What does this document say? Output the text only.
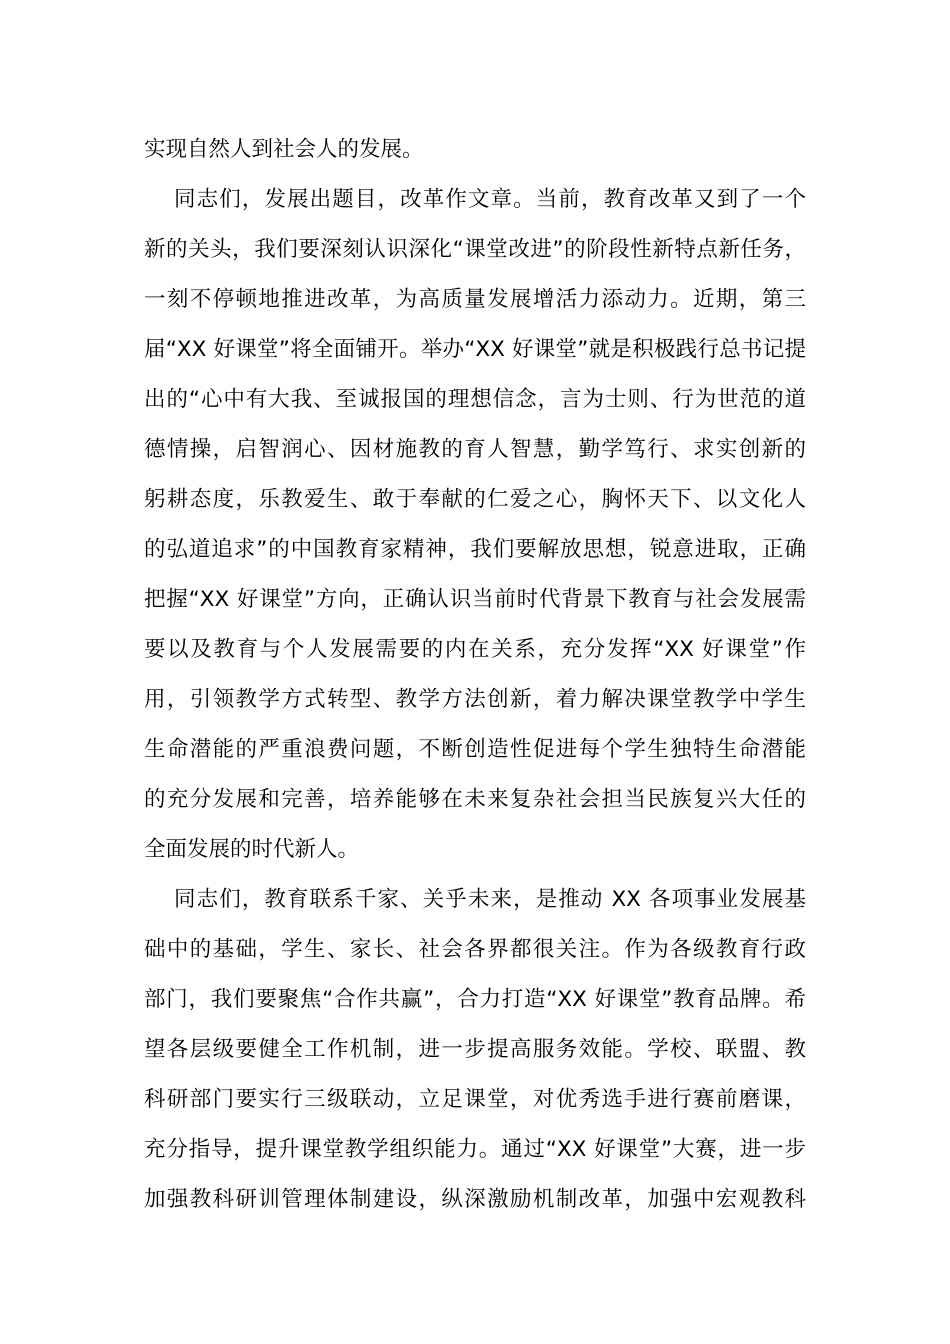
实现自然人到社会人的发展。
同志们，发展出题目，改革作文章。当前，教育改革又到了一个
新的关头，我们要深刻认识深化“课堂改进”的阶段性新特点新任务，
一刻不停顿地推进改革，为高质量发展增活力添动力。近期，第三
届“XX 好课堂”将全面铺开。举办“XX 好课堂”就是积极践行总书记提
出的“心中有大我、至诚报国的理想信念，言为士则、行为世范的道
德情操，启智润心、因材施教的育人智慧，勤学笃行、求实创新的
躬耕态度，乐教爱生、敢于奉献的仁爱之心，胸怀天下、以文化人
的弘道追求”的中国教育家精神，我们要解放思想，锐意进取，正确
把握“XX 好课堂”方向，正确认识当前时代背景下教育与社会发展需
要以及教育与个人发展需要的内在关系，充分发挥“XX 好课堂”作
用，引领教学方式转型、教学方法创新，着力解决课堂教学中学生
生命潜能的严重浪费问题，不断创造性促进每个学生独特生命潜能
的充分发展和完善，培养能够在未来复杂社会担当民族复兴大任的
全面发展的时代新人。
同志们，教育联系千家、关乎未来，是推动 XX 各项事业发展基
础中的基础，学生、家长、社会各界都很关注。作为各级教育行政
部门，我们要聚焦“合作共赢”，合力打造“XX 好课堂”教育品牌。希
望各层级要健全工作机制，进一步提高服务效能。学校、联盟、教
科研部门要实行三级联动，立足课堂，对优秀选手进行赛前磨课，
充分指导，提升课堂教学组织能力。通过“XX 好课堂”大赛，进一步
加强教科研训管理体制建设，纵深激励机制改革，加强中宏观教科
